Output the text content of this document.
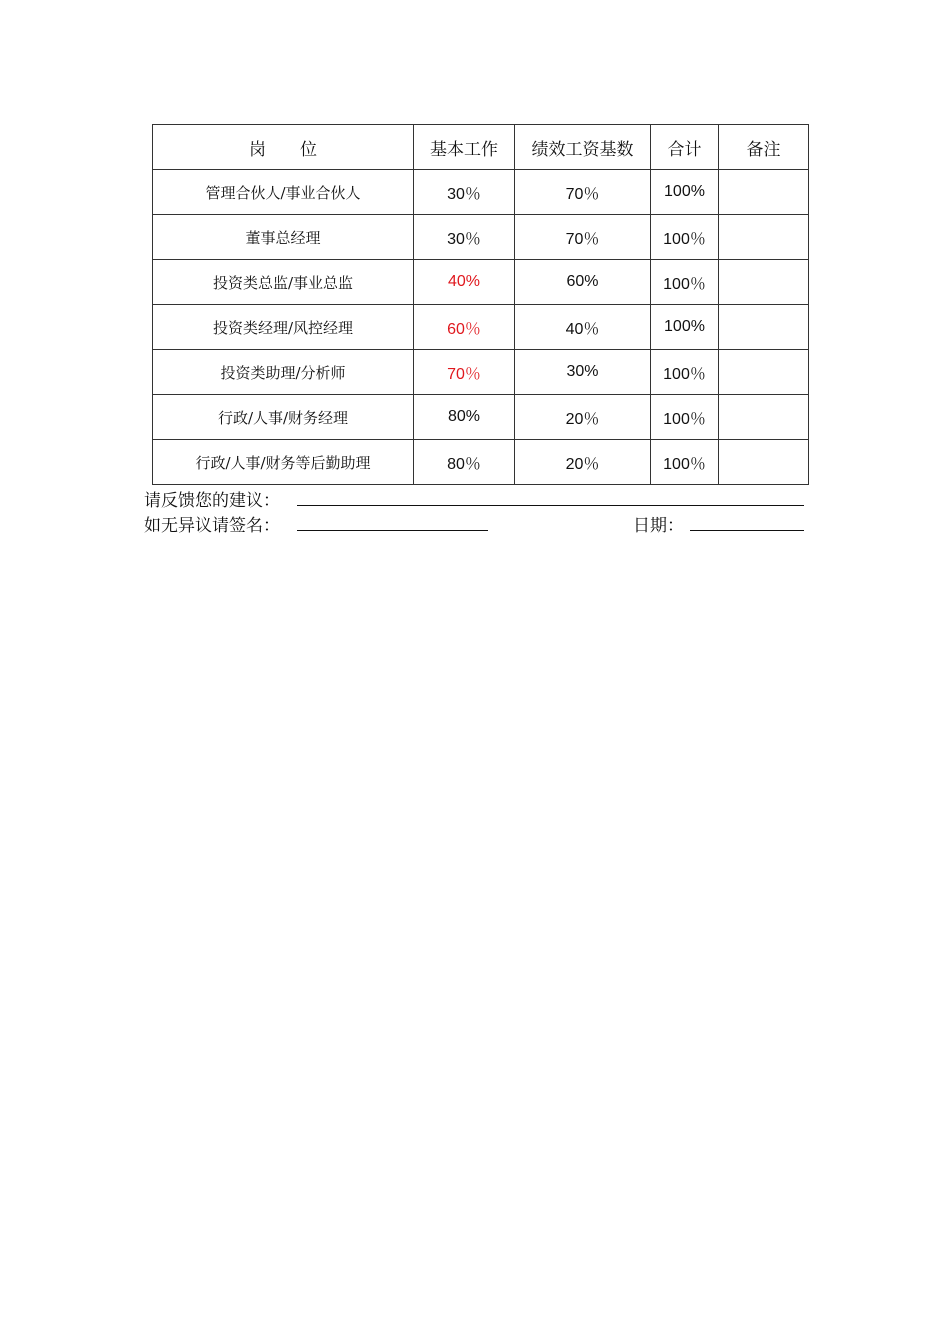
岗　　位	基本工作	绩效工资基数	合计	备注
管理合伙人/事业合伙人	30％	70％	100%	
董事总经理	30％	70％	100％	
投资类总监/事业总监	40%	60%	100％	
投资类经理/风控经理	60％	40％	100%	
投资类助理/分析师	70％	30%	100％	
行政/人事/财务经理	80%	20％	100％	
行政/人事/财务等后勤助理	80％	20％	100％	
请反馈您的建议：
如无异议请签名：	日期：
